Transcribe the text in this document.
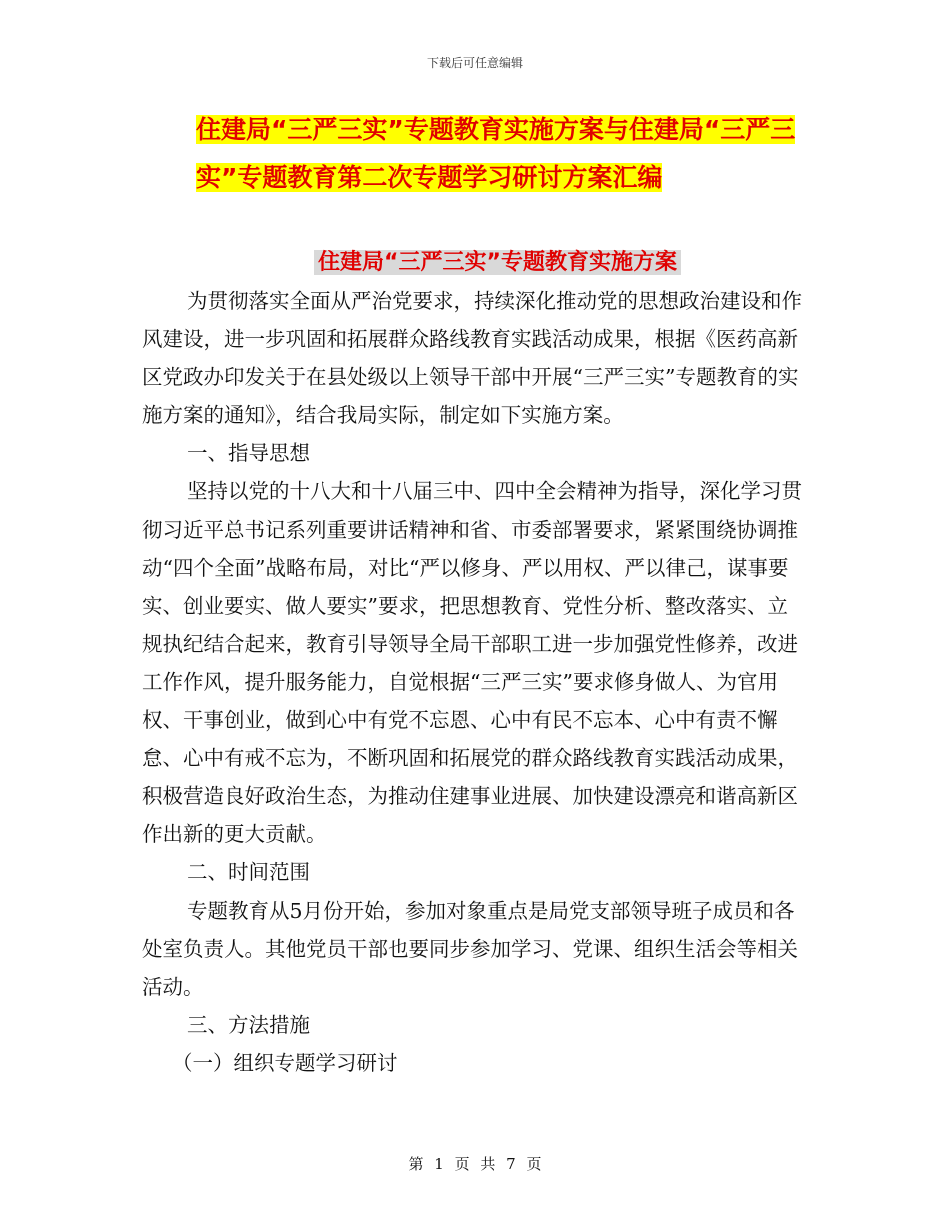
下载后可任意编辑
住建局“三严三实”专题教育实施方案与住建局“三严三实”专题教育第二次专题学习研讨方案汇编
住建局“三严三实”专题教育实施方案

为贯彻落实全面从严治党要求，持续深化推动党的思想政治建设和作风建设，进一步巩固和拓展群众路线教育实践活动成果，根据《医药高新区党政办印发关于在县处级以上领导干部中开展“三严三实”专题教育的实施方案的通知》，结合我局实际，制定如下实施方案。

一、指导思想

坚持以党的十八大和十八届三中、四中全会精神为指导，深化学习贯彻习近平总书记系列重要讲话精神和省、市委部署要求，紧紧围绕协调推动“四个全面”战略布局，对比“严以修身、严以用权、严以律己，谋事要实、创业要实、做人要实”要求，把思想教育、党性分析、整改落实、立规执纪结合起来，教育引导领导全局干部职工进一步加强党性修养，改进工作作风，提升服务能力，自觉根据“三严三实”要求修身做人、为官用权、干事创业，做到心中有党不忘恩、心中有民不忘本、心中有责不懈怠、心中有戒不忘为，不断巩固和拓展党的群众路线教育实践活动成果，积极营造良好政治生态，为推动住建事业进展、加快建设漂亮和谐高新区作出新的更大贡献。

二、时间范围

专题教育从5月份开始，参加对象重点是局党支部领导班子成员和各处室负责人。其他党员干部也要同步参加学习、党课、组织生活会等相关活动。

三、方法措施

（一）组织专题学习研讨

第 1 页 共 7 页
